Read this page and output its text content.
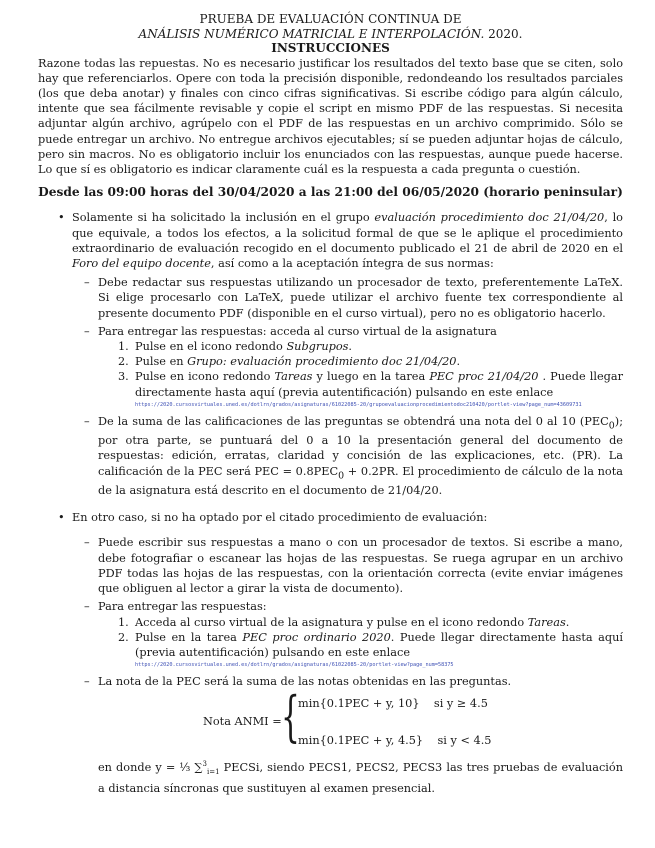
PRUEBA DE EVALUACIÓN CONTINUA DE
ANÁLISIS NUMÉRICO MATRICIAL E INTERPOLACIÓN. 2020.
INSTRUCCIONES

Razone todas las repuestas. No es necesario justificar los resultados del texto base que se citen, solo hay que referenciarlos. Opere con toda la precisión disponible, redondeando los resultados parciales (los que deba anotar) y finales con cinco cifras significativas. Si escribe código para algún cálculo, intente que sea fácilmente revisable y copie el script en mismo PDF de las respuestas. Si necesita adjuntar algún archivo, agrúpelo con el PDF de las respuestas en un archivo comprimido. Sólo se puede entregar un archivo. No entregue archivos ejecutables; sí se pueden adjuntar hojas de cálculo, pero sin macros. No es obligatorio incluir los enunciados con las respuestas, aunque puede hacerse. Lo que sí es obligatorio es indicar claramente cuál es la respuesta a cada pregunta o cuestión.

Desde las 09:00 horas del 30/04/2020 a las 21:00 del 06/05/2020 (horario peninsular)
• Solamente si ha solicitado la inclusión en el grupo evaluación procedimiento doc 21/04/20, lo que equivale, a todos los efectos, a la solicitud formal de que se le aplique el procedimiento extraordinario de evaluación recogido en el documento publicado el 21 de abril de 2020 en el Foro del equipo docente, así como a la aceptación íntegra de sus normas:

– Debe redactar sus respuestas utilizando un procesador de texto, preferentemente LaTeX. Si elige procesarlo con LaTeX, puede utilizar el archivo fuente tex correspondiente al presente documento PDF (disponible en el curso virtual), pero no es obligatorio hacerlo.

– Para entregar las respuestas: acceda al curso virtual de la asignatura

1. Pulse en el icono redondo Subgrupos.
2. Pulse en Grupo: evaluación procedimiento doc 21/04/20.
3. Pulse en icono redondo Tareas y luego en la tarea PEC proc 21/04/20 . Puede llegar directamente hasta aquí (previa autentificación) pulsando en este enlace

https://2020.cursosvirtuales.uned.es/dotlrn/grados/asignaturas/61022085-20/grupoevaluacionprocedimientodoc210420/portlet-view?page_num=43609731
– De la suma de las calificaciones de las preguntas se obtendrá una nota del 0 al 10 $(PEC_0)$; por otra parte, se puntuará del 0 a 10 la presentación general del documento de respuestas: edición, erratas, claridad y concisión de las explicaciones, etc. (PR). La calificación de la PEC será PEC = $0.8PEC_0 + 0.2PR$. El procedimiento de cálculo de la nota de la asignatura está descrito en el documento de 21/04/20.

• En otro caso, si no ha optado por el citado procedimiento de evaluación:

– Puede escribir sus respuestas a mano o con un procesador de textos. Si escribe a mano, debe fotografiar o escanear las hojas de las respuestas. Se ruega agrupar en un archivo PDF todas las hojas de las respuestas, con la orientación correcta (evite enviar imágenes que obliguen al lector a girar la vista de documento).

– Para entregar las respuestas:

1. Acceda al curso virtual de la asignatura y pulse en el icono redondo Tareas.
2. Pulse en la tarea PEC proc ordinario 2020. Puede llegar directamente hasta aquí (previa autentificación) pulsando en este enlace

https://2020.cursosvirtuales.uned.es/dotlrn/grados/asignaturas/61022085-20/portlet-view?page_num=58375
– La nota de la PEC será la suma de las notas obtenidas en las preguntas.

Nota ANMI = {
min{0.1PEC + y, 10} si y ≥ 4.5
min{0.1PEC + y, 4.5} si y < 4.5

en donde y = ⅓ ∑$^3_{i=1}$ PECSi, siendo PECS1, PECS2, PECS3 las tres pruebas de evaluación a distancia síncronas que sustituyen al examen presencial.
